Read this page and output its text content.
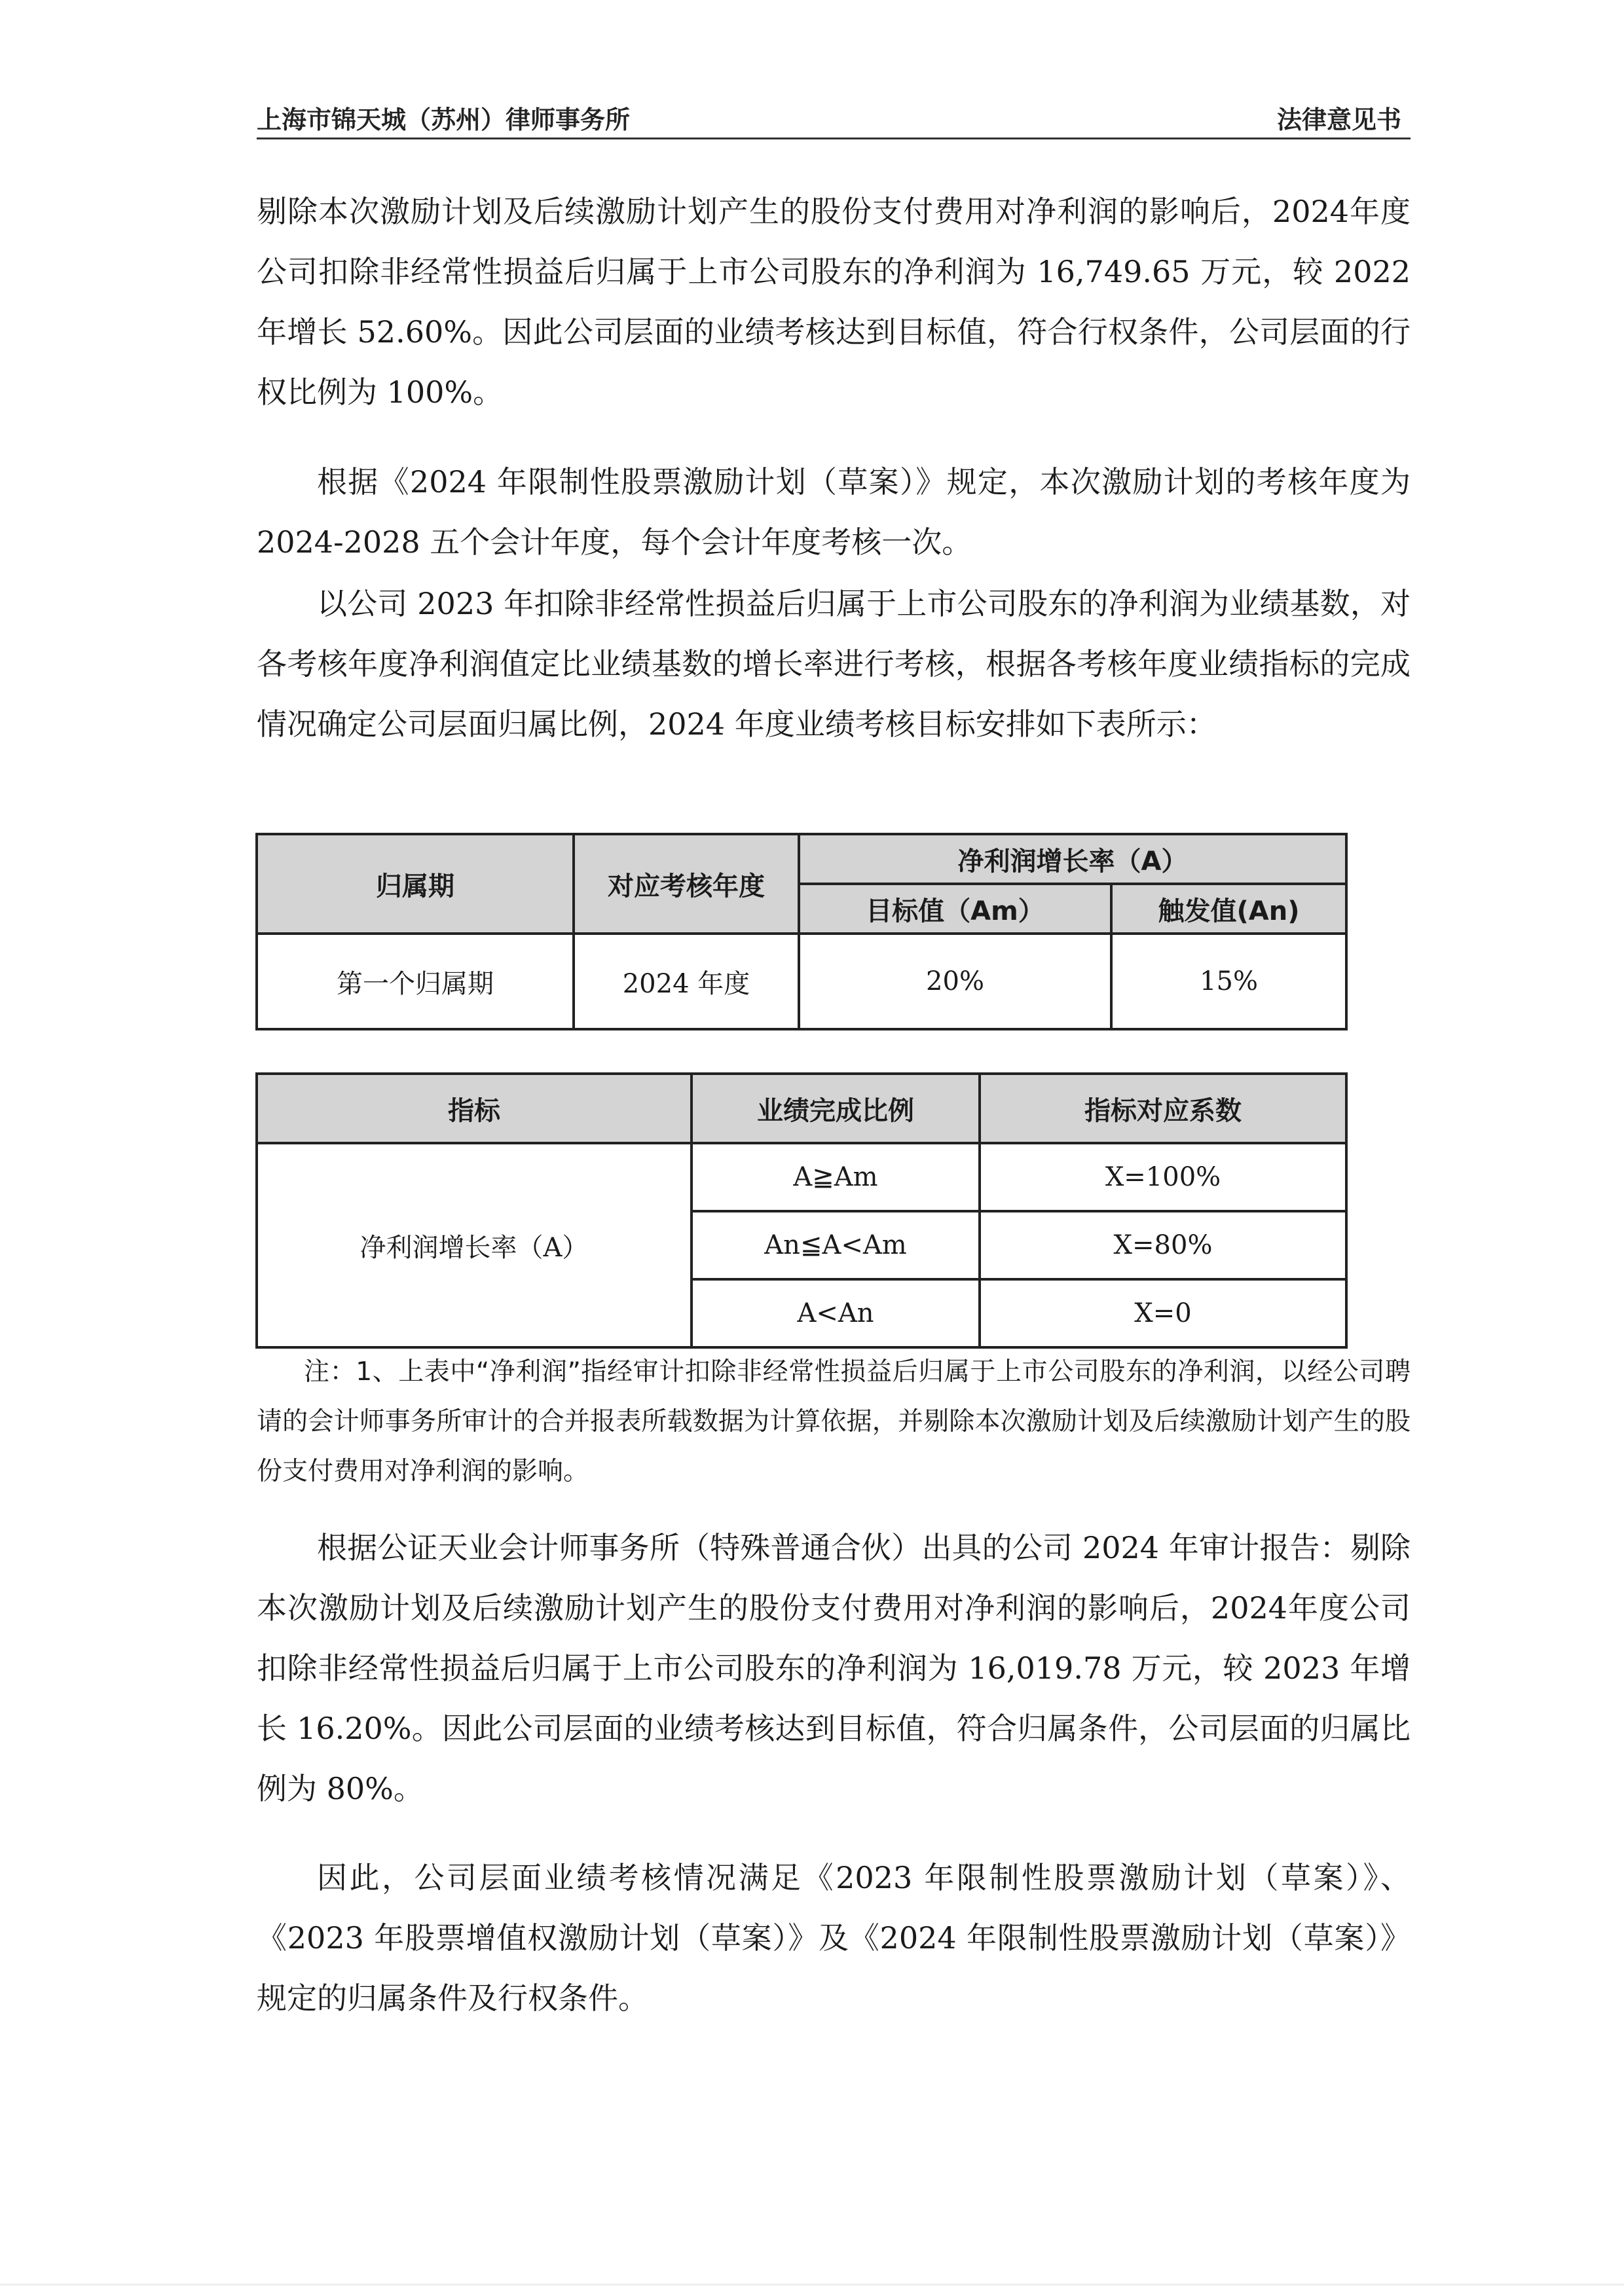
上海市锦天城（苏州）律师事务所	法律意见书

剔除本次激励计划及后续激励计划产生的股份支付费用对净利润的影响后，2024年度公司扣除非经常性损益后归属于上市公司股东的净利润为 16,749.65 万元，较 2022 年增长 52.60%。因此公司层面的业绩考核达到目标值，符合行权条件，公司层面的行权比例为 100%。

根据《2024 年限制性股票激励计划（草案）》规定，本次激励计划的考核年度为 2024-2028 五个会计年度，每个会计年度考核一次。

以公司 2023 年扣除非经常性损益后归属于上市公司股东的净利润为业绩基数，对各考核年度净利润值定比业绩基数的增长率进行考核，根据各考核年度业绩指标的完成情况确定公司层面归属比例，2024 年度业绩考核目标安排如下表所示：

归属期	对应考核年度	净利润增长率（A）	
		目标值（Am）	触发值(An)
第一个归属期	2024 年度	20%	15%
指标	业绩完成比例	指标对应系数
净利润增长率（A）	A≧Am	X=100%
	An≦A<Am	X=80%
	A<An	X=0

注：1、上表中“净利润”指经审计扣除非经常性损益后归属于上市公司股东的净利润，以经公司聘请的会计师事务所审计的合并报表所载数据为计算依据，并剔除本次激励计划及后续激励计划产生的股份支付费用对净利润的影响。

根据公证天业会计师事务所（特殊普通合伙）出具的公司 2024 年审计报告：剔除本次激励计划及后续激励计划产生的股份支付费用对净利润的影响后，2024年度公司扣除非经常性损益后归属于上市公司股东的净利润为 16,019.78 万元，较 2023 年增长 16.20%。因此公司层面的业绩考核达到目标值，符合归属条件，公司层面的归属比例为 80%。

因此，公司层面业绩考核情况满足《2023 年限制性股票激励计划（草案）》、《2023 年股票增值权激励计划（草案）》及《2024 年限制性股票激励计划（草案）》规定的归属条件及行权条件。
